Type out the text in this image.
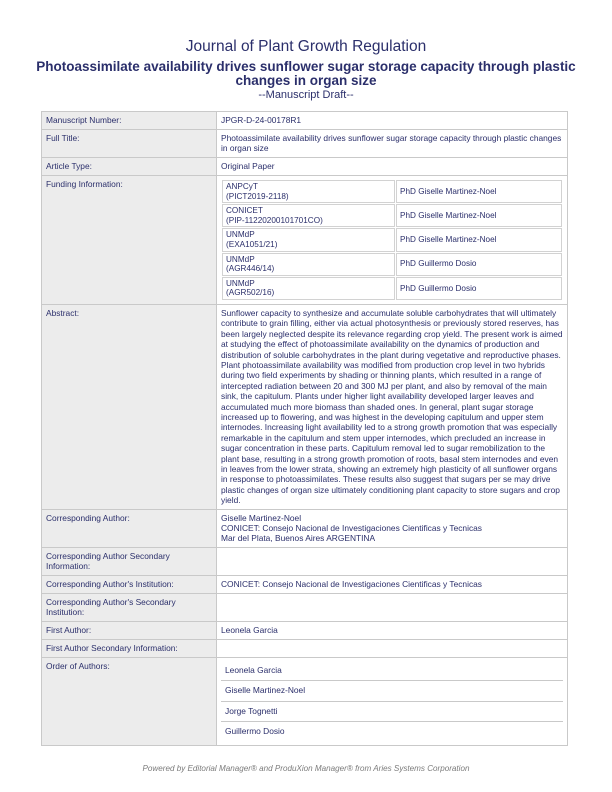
Journal of Plant Growth Regulation
Photoassimilate availability drives sunflower sugar storage capacity through plastic changes in organ size
--Manuscript Draft--
Manuscript Number:	JPGR-D-24-00178R1
Full Title:	Photoassimilate availability drives sunflower sugar storage capacity through plastic changes in organ size
Article Type:	Original Paper
Funding Information:		ANPCyT
(PICT2019-2118)	PhD Giselle Martinez-Noel
CONICET
(PIP-11220200101701CO)	PhD Giselle Martinez-Noel
UNMdP
(EXA1051/21)	PhD Giselle Martinez-Noel
UNMdP
(AGR446/14)	PhD Guillermo Dosio
UNMdP
(AGR502/16)	PhD Guillermo Dosio

Abstract:	Sunflower capacity to synthesize and accumulate soluble carbohydrates that will ultimately contribute to grain filling, either via actual photosynthesis or previously stored reserves, has been largely neglected despite its relevance regarding crop yield. The present work is aimed at studying the effect of photoassimilate availability on the dynamics of production and distribution of soluble carbohydrates in the plant during vegetative and reproductive phases. Plant photoassimilate availability was modified from production crop level in two hybrids during two field experiments by shading or thinning plants, which resulted in a range of intercepted radiation between 20 and 300 MJ per plant, and also by removal of the main sink, the capitulum. Plants under higher light availability developed larger leaves and accumulated much more biomass than shaded ones. In general, plant sugar storage increased up to flowering, and was highest in the developing capitulum and upper stem internodes. Increasing light availability led to a strong growth promotion that was especially remarkable in the capitulum and stem upper internodes, which precluded an increase in sugar concentration in these parts. Capitulum removal led to sugar remobilization to the plant base, resulting in a strong growth promotion of roots, basal stem internodes and even in leaves from the lower strata, showing an extremely high plasticity of all sunflower organs in response to photoassimilates. These results also suggest that sugars per se may drive plastic changes of organ size ultimately conditioning plant capacity to store sugars and crop yield.
Corresponding Author:	Giselle Martinez-Noel
CONICET: Consejo Nacional de Investigaciones Cientificas y Tecnicas
Mar del Plata, Buenos Aires ARGENTINA
Corresponding Author Secondary Information:	
Corresponding Author's Institution:	CONICET: Consejo Nacional de Investigaciones Cientificas y Tecnicas
Corresponding Author's Secondary Institution:	
First Author:	Leonela Garcia
First Author Secondary Information:	
Order of Authors:	Leonela Garcia
Giselle Martinez-Noel
Jorge Tognetti
Guillermo Dosio
Powered by Editorial Manager® and ProduXion Manager® from Aries Systems Corporation
